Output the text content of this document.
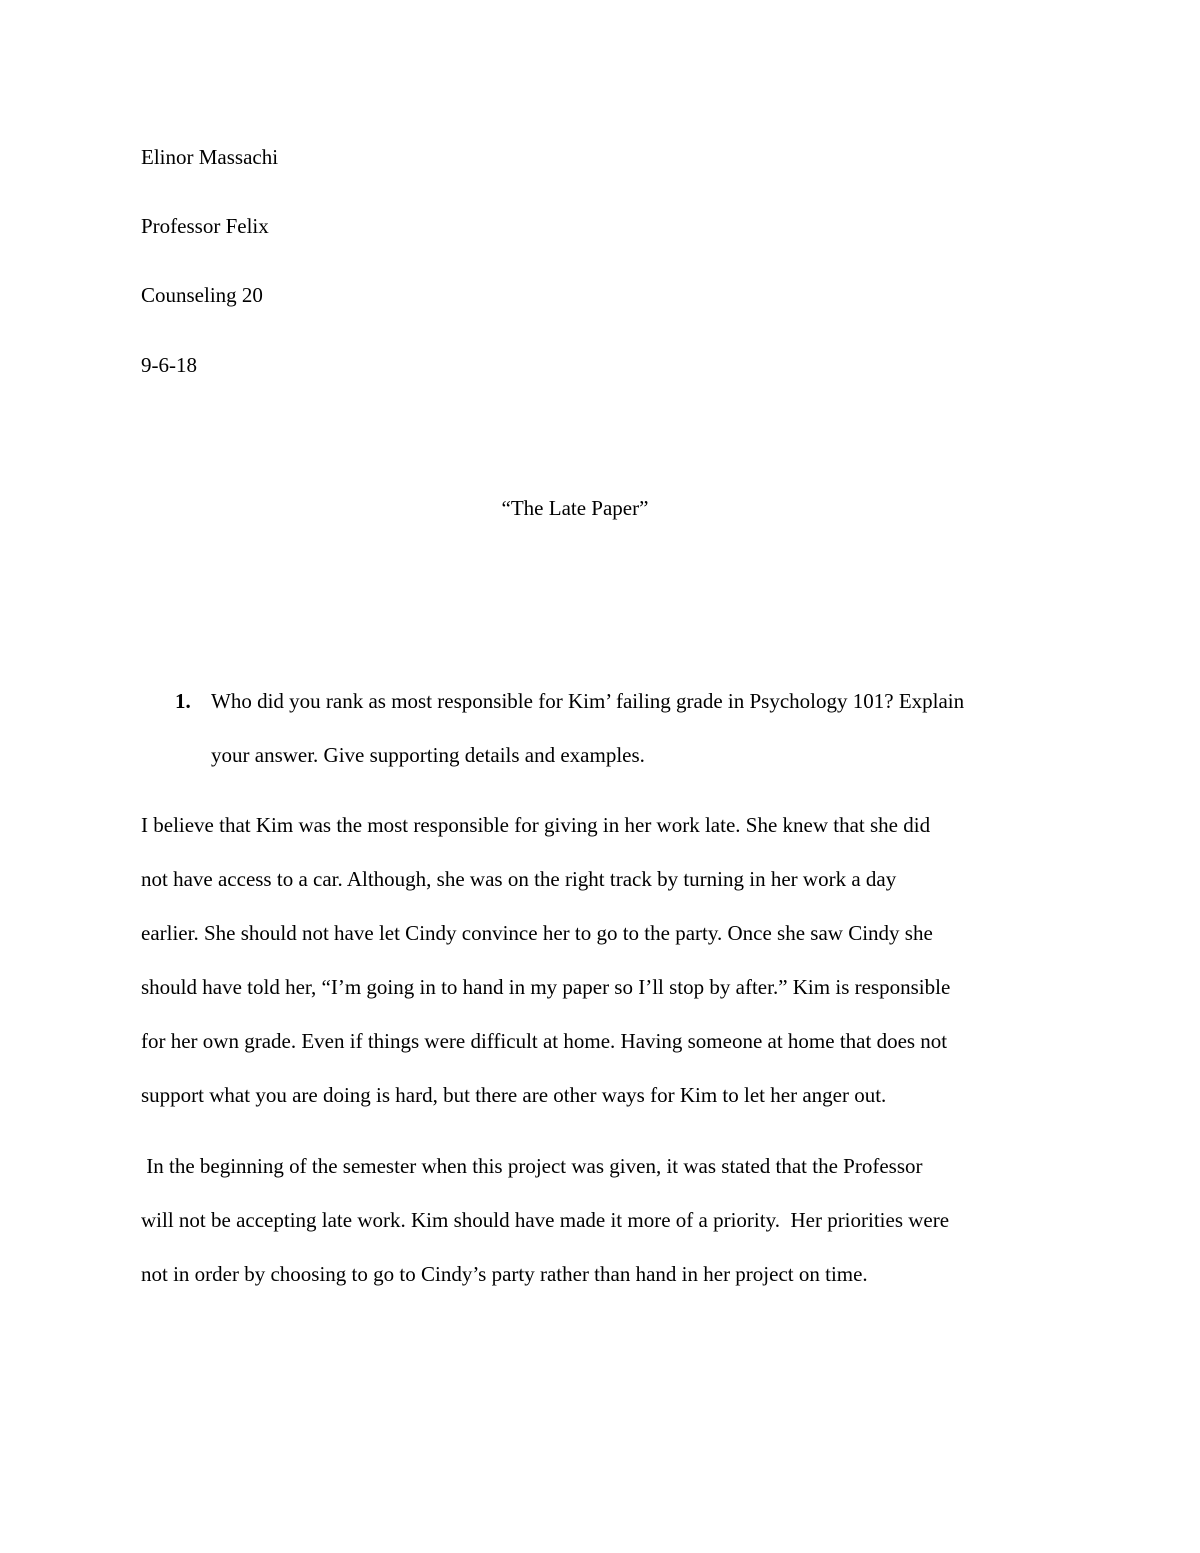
Elinor Massachi
Professor Felix
Counseling 20
9-6-18
“The Late Paper”
1. Who did you rank as most responsible for Kim’ failing grade in Psychology 101? Explain
your answer. Give supporting details and examples.
I believe that Kim was the most responsible for giving in her work late. She knew that she did
not have access to a car. Although, she was on the right track by turning in her work a day
earlier. She should not have let Cindy convince her to go to the party. Once she saw Cindy she
should have told her, “I’m going in to hand in my paper so I’ll stop by after.” Kim is responsible
for her own grade. Even if things were difficult at home. Having someone at home that does not
support what you are doing is hard, but there are other ways for Kim to let her anger out.
In the beginning of the semester when this project was given, it was stated that the Professor
will not be accepting late work. Kim should have made it more of a priority.  Her priorities were
not in order by choosing to go to Cindy’s party rather than hand in her project on time.
